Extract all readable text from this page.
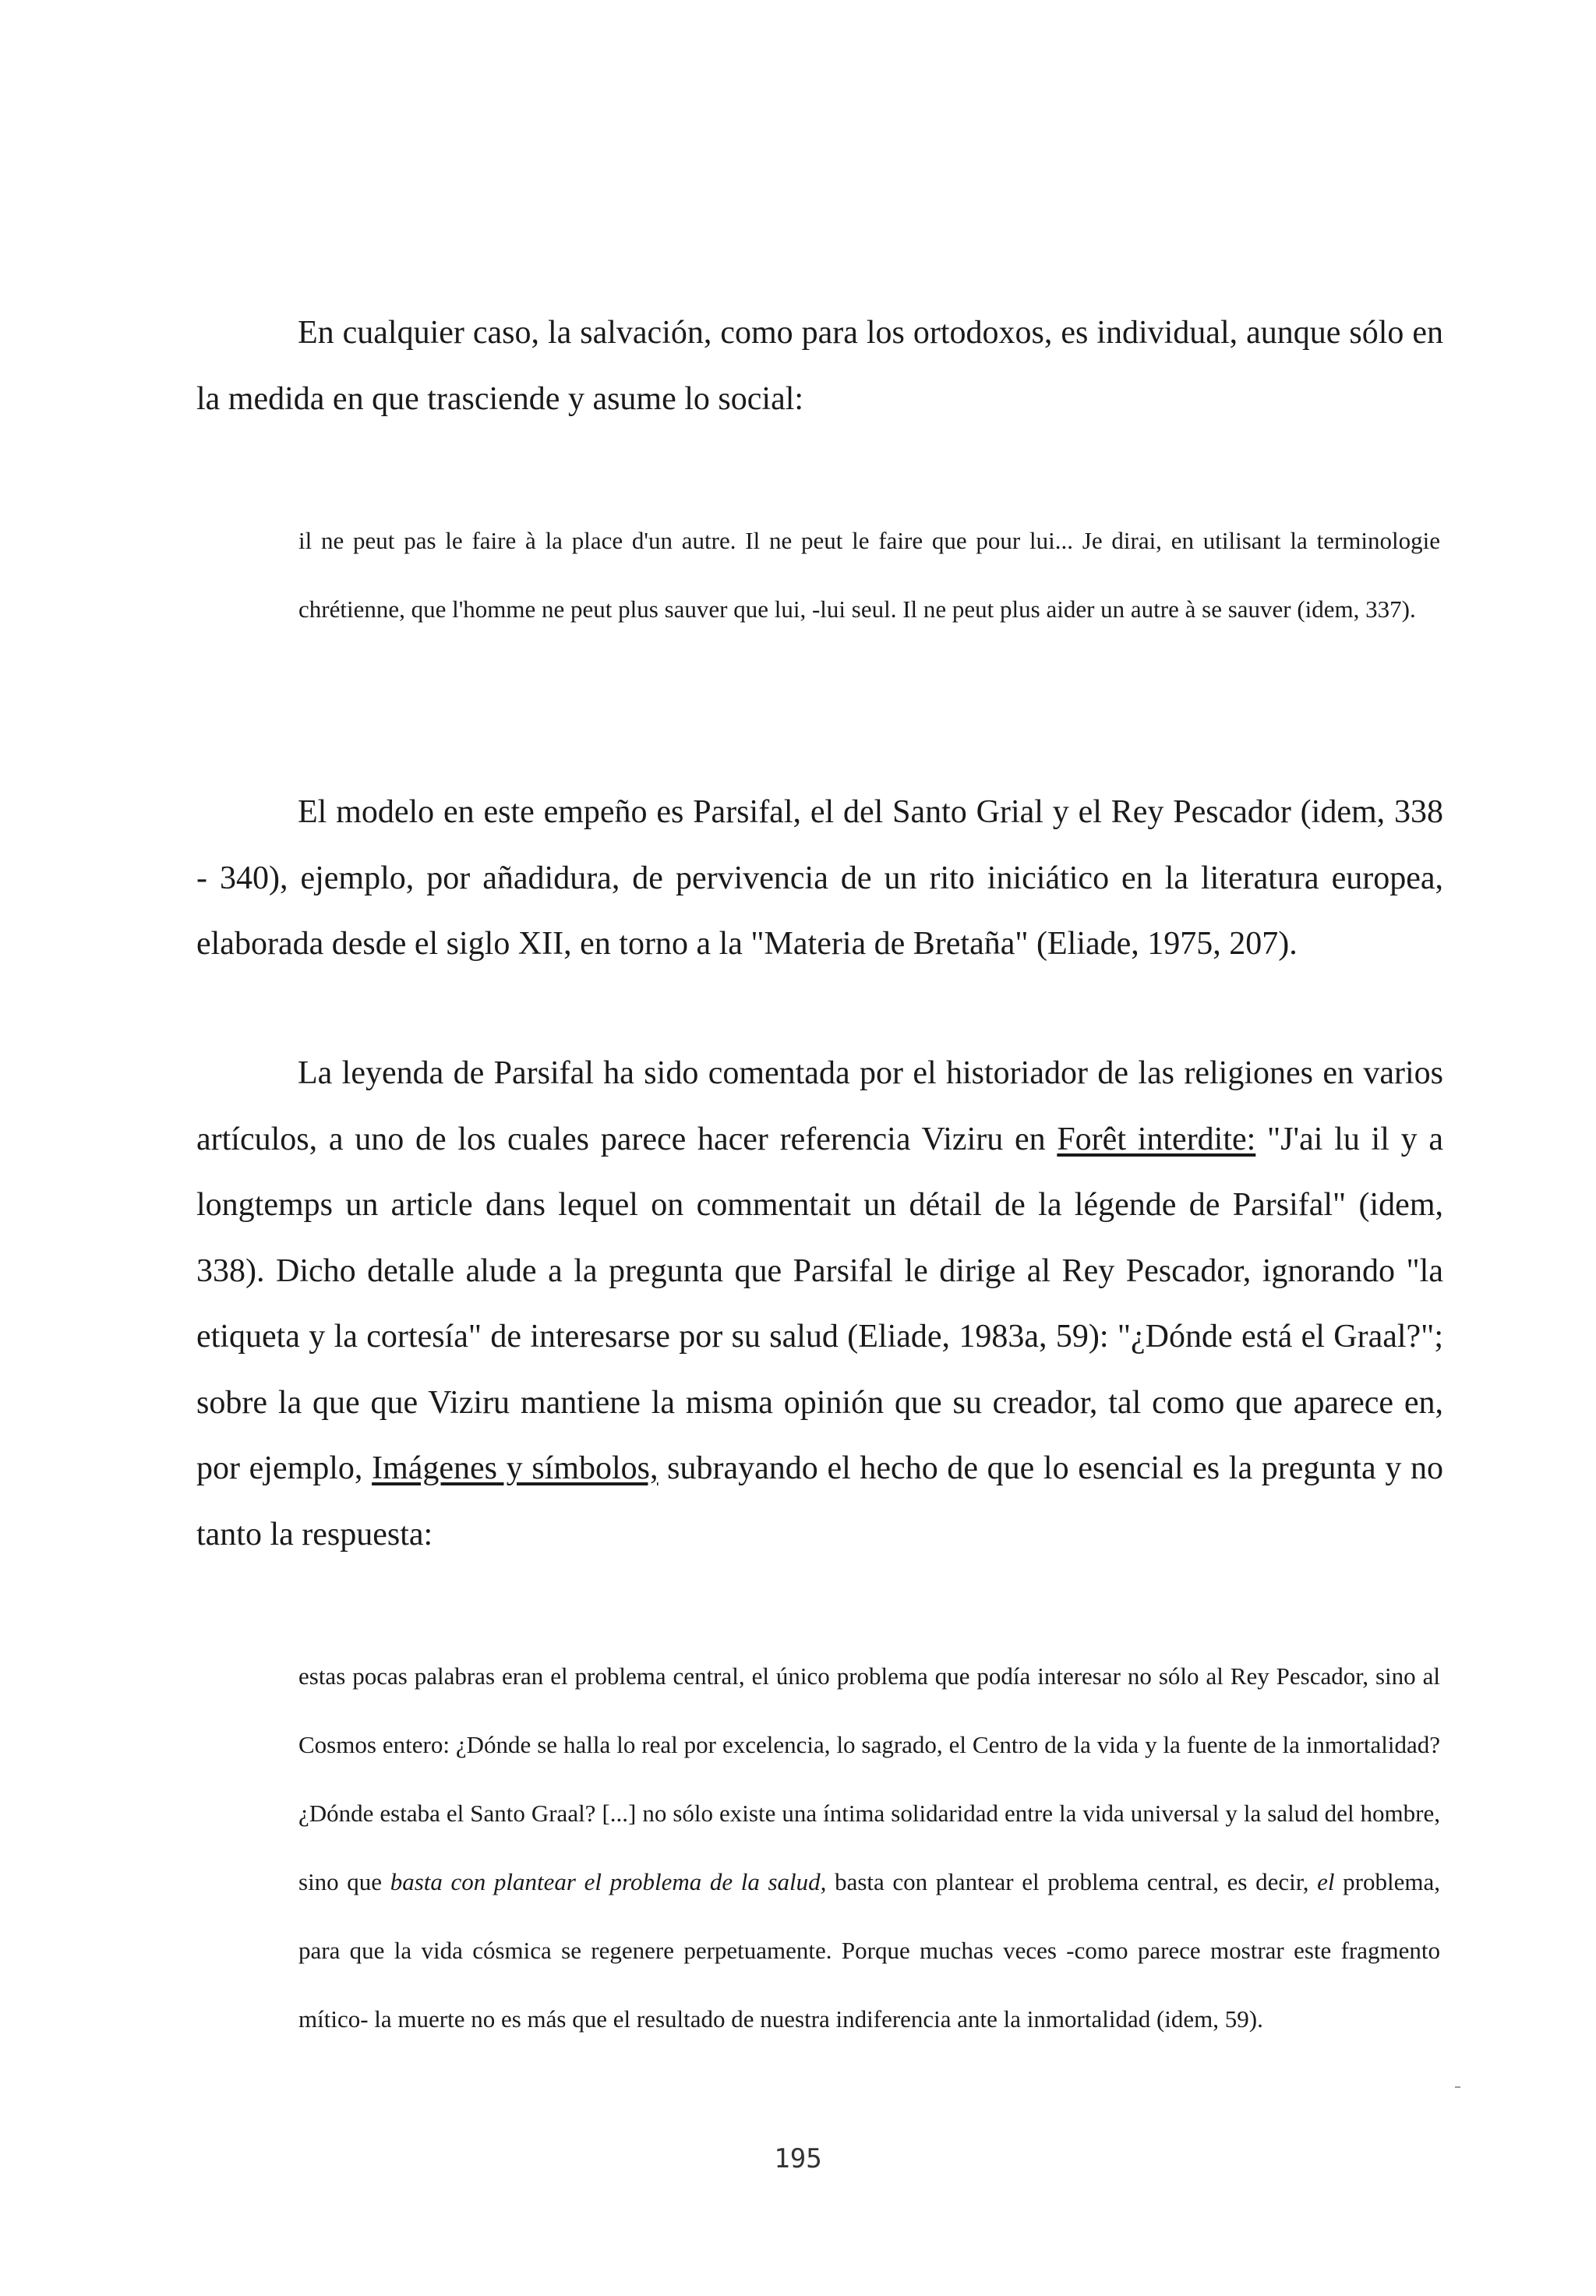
En cualquier caso, la salvación, como para los ortodoxos, es individual, aunque sólo en la medida en que trasciende y asume lo social:

il ne peut pas le faire à la place d'un autre. Il ne peut le faire que pour lui... Je dirai, en utilisant la terminologie chrétienne, que l'homme ne peut plus sauver que lui, -lui seul. Il ne peut plus aider un autre à se sauver (idem, 337).

El modelo en este empeño es Parsifal, el del Santo Grial y el Rey Pescador (idem, 338 - 340), ejemplo, por añadidura, de pervivencia de un rito iniciático en la literatura europea, elaborada desde el siglo XII, en torno a la "Materia de Bretaña" (Eliade, 1975, 207).

La leyenda de Parsifal ha sido comentada por el historiador de las religiones en varios artículos, a uno de los cuales parece hacer referencia Viziru en Forêt interdite: "J'ai lu il y a longtemps un article dans lequel on commentait un détail de la légende de Parsifal" (idem, 338). Dicho detalle alude a la pregunta que Parsifal le dirige al Rey Pescador, ignorando "la etiqueta y la cortesía" de interesarse por su salud (Eliade, 1983a, 59): "¿Dónde está el Graal?"; sobre la que que Viziru mantiene la misma opinión que su creador, tal como que aparece en, por ejemplo, Imágenes y símbolos, subrayando el hecho de que lo esencial es la pregunta y no tanto la respuesta:

estas pocas palabras eran el problema central, el único problema que podía interesar no sólo al Rey Pescador, sino al Cosmos entero: ¿Dónde se halla lo real por excelencia, lo sagrado, el Centro de la vida y la fuente de la inmortalidad? ¿Dónde estaba el Santo Graal? [...] no sólo existe una íntima solidaridad entre la vida universal y la salud del hombre, sino que basta con plantear el problema de la salud, basta con plantear el problema central, es decir, el problema, para que la vida cósmica se regenere perpetuamente. Porque muchas veces -como parece mostrar este fragmento mítico- la muerte no es más que el resultado de nuestra indiferencia ante la inmortalidad (idem, 59).

195
